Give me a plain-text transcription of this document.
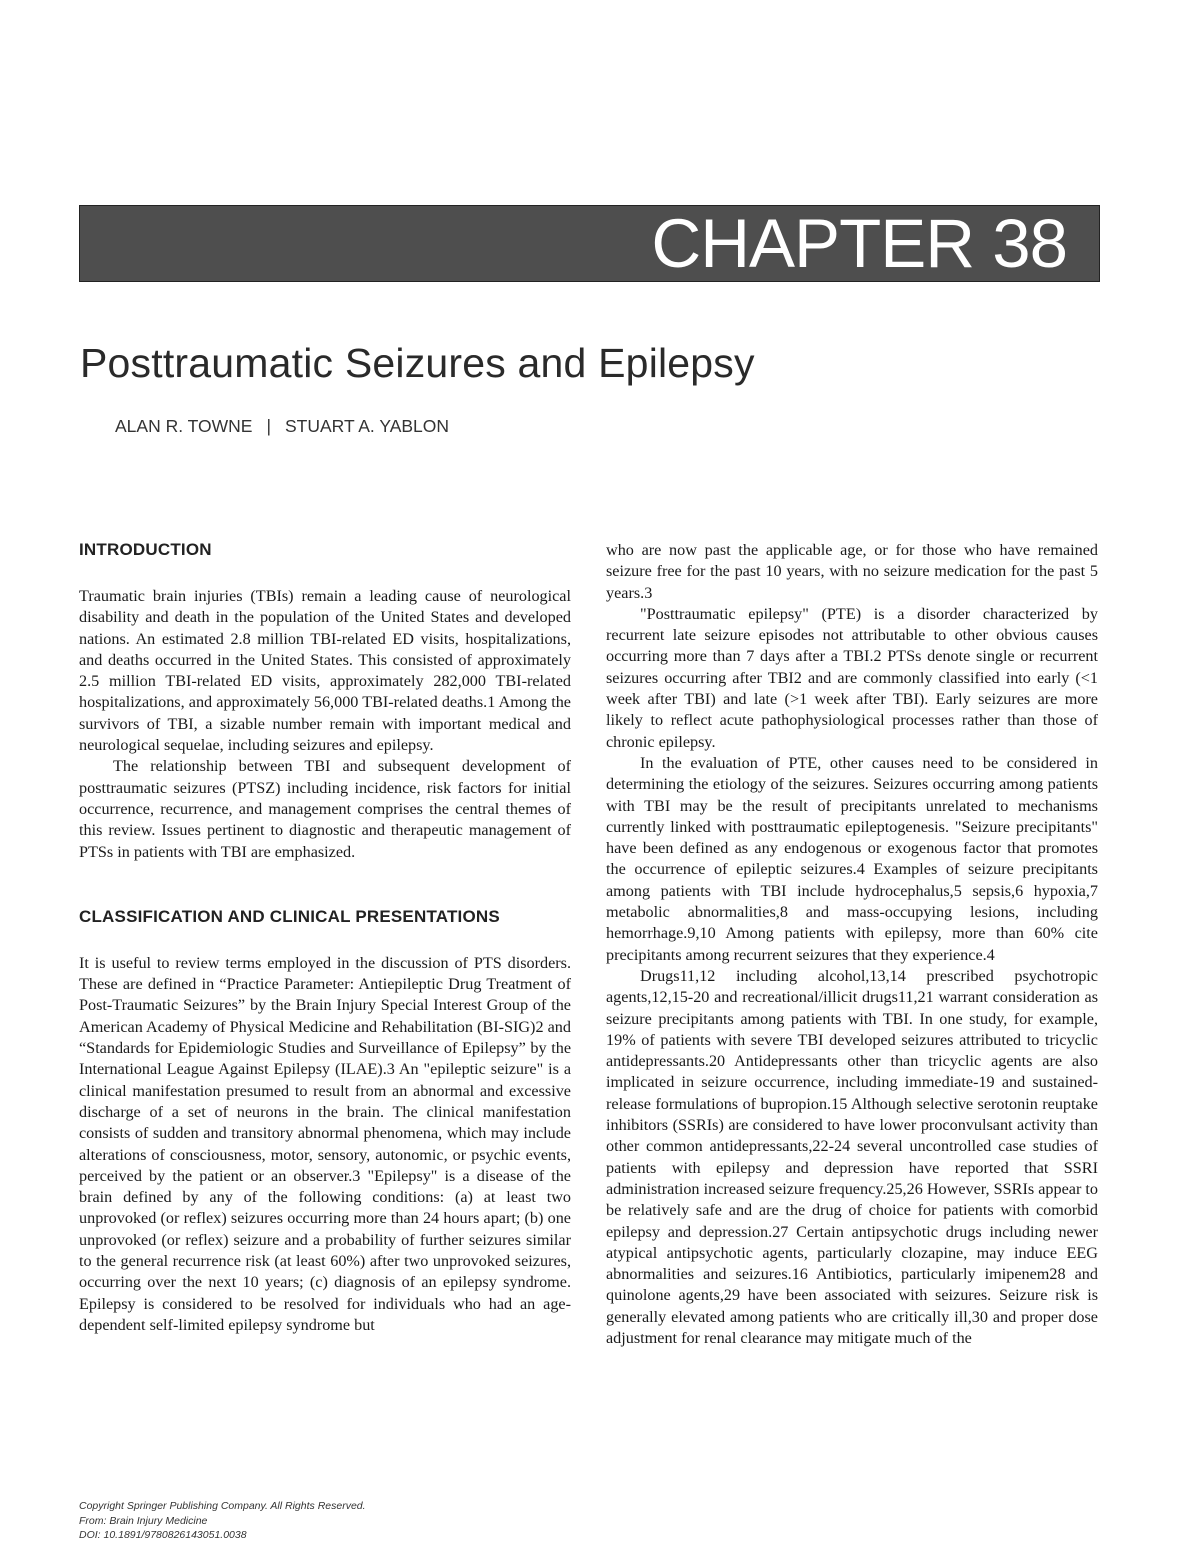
CHAPTER 38
Posttraumatic Seizures and Epilepsy
ALAN R. TOWNE | STUART A. YABLON
INTRODUCTION

Traumatic brain injuries (TBIs) remain a leading cause of neurological disability and death in the population of the United States and developed nations. An estimated 2.8 million TBI-related ED visits, hospitalizations, and deaths occurred in the United States. This consisted of approximately 2.5 million TBI-related ED visits, approximately 282,000 TBI-related hospitalizations, and approximately 56,000 TBI-related deaths.1 Among the survivors of TBI, a sizable number remain with important medical and neurological sequelae, including seizures and epilepsy.

The relationship between TBI and subsequent development of posttraumatic seizures (PTSZ) including incidence, risk factors for initial occurrence, recurrence, and management comprises the central themes of this review. Issues pertinent to diagnostic and therapeutic management of PTSs in patients with TBI are emphasized.

CLASSIFICATION AND CLINICAL PRESENTATIONS

It is useful to review terms employed in the discussion of PTS disorders. These are defined in “Practice Parameter: Antiepileptic Drug Treatment of Post-Traumatic Seizures” by the Brain Injury Special Interest Group of the American Academy of Physical Medicine and Rehabilitation (BI-SIG)2 and “Standards for Epidemiologic Studies and Surveillance of Epilepsy” by the International League Against Epilepsy (ILAE).3 An "epileptic seizure" is a clinical manifestation presumed to result from an abnormal and excessive discharge of a set of neurons in the brain. The clinical manifestation consists of sudden and transitory abnormal phenomena, which may include alterations of consciousness, motor, sensory, autonomic, or psychic events, perceived by the patient or an observer.3 "Epilepsy" is a disease of the brain defined by any of the following conditions: (a) at least two unprovoked (or reflex) seizures occurring more than 24 hours apart; (b) one unprovoked (or reflex) seizure and a probability of further seizures similar to the general recurrence risk (at least 60%) after two unprovoked seizures, occurring over the next 10 years; (c) diagnosis of an epilepsy syndrome. Epilepsy is considered to be resolved for individuals who had an age-dependent self-limited epilepsy syndrome but

who are now past the applicable age, or for those who have remained seizure free for the past 10 years, with no seizure medication for the past 5 years.3

"Posttraumatic epilepsy" (PTE) is a disorder characterized by recurrent late seizure episodes not attributable to other obvious causes occurring more than 7 days after a TBI.2 PTSs denote single or recurrent seizures occurring after TBI2 and are commonly classified into early (<1 week after TBI) and late (>1 week after TBI). Early seizures are more likely to reflect acute pathophysiological processes rather than those of chronic epilepsy.

In the evaluation of PTE, other causes need to be considered in determining the etiology of the seizures. Seizures occurring among patients with TBI may be the result of precipitants unrelated to mechanisms currently linked with posttraumatic epileptogenesis. "Seizure precipitants" have been defined as any endogenous or exogenous factor that promotes the occurrence of epileptic seizures.4 Examples of seizure precipitants among patients with TBI include hydrocephalus,5 sepsis,6 hypoxia,7 metabolic abnormalities,8 and mass-occupying lesions, including hemorrhage.9,10 Among patients with epilepsy, more than 60% cite precipitants among recurrent seizures that they experience.4

Drugs11,12 including alcohol,13,14 prescribed psychotropic agents,12,15-20 and recreational/illicit drugs11,21 warrant consideration as seizure precipitants among patients with TBI. In one study, for example, 19% of patients with severe TBI developed seizures attributed to tricyclic antidepressants.20 Antidepressants other than tricyclic agents are also implicated in seizure occurrence, including immediate-19 and sustained-release formulations of bupropion.15 Although selective serotonin reuptake inhibitors (SSRIs) are considered to have lower proconvulsant activity than other common antidepressants,22-24 several uncontrolled case studies of patients with epilepsy and depression have reported that SSRI administration increased seizure frequency.25,26 However, SSRIs appear to be relatively safe and are the drug of choice for patients with comorbid epilepsy and depression.27 Certain antipsychotic drugs including newer atypical antipsychotic agents, particularly clozapine, may induce EEG abnormalities and seizures.16 Antibiotics, particularly imipenem28 and quinolone agents,29 have been associated with seizures. Seizure risk is generally elevated among patients who are critically ill,30 and proper dose adjustment for renal clearance may mitigate much of the

Copyright Springer Publishing Company. All Rights Reserved.
From: Brain Injury Medicine
DOI: 10.1891/9780826143051.0038
